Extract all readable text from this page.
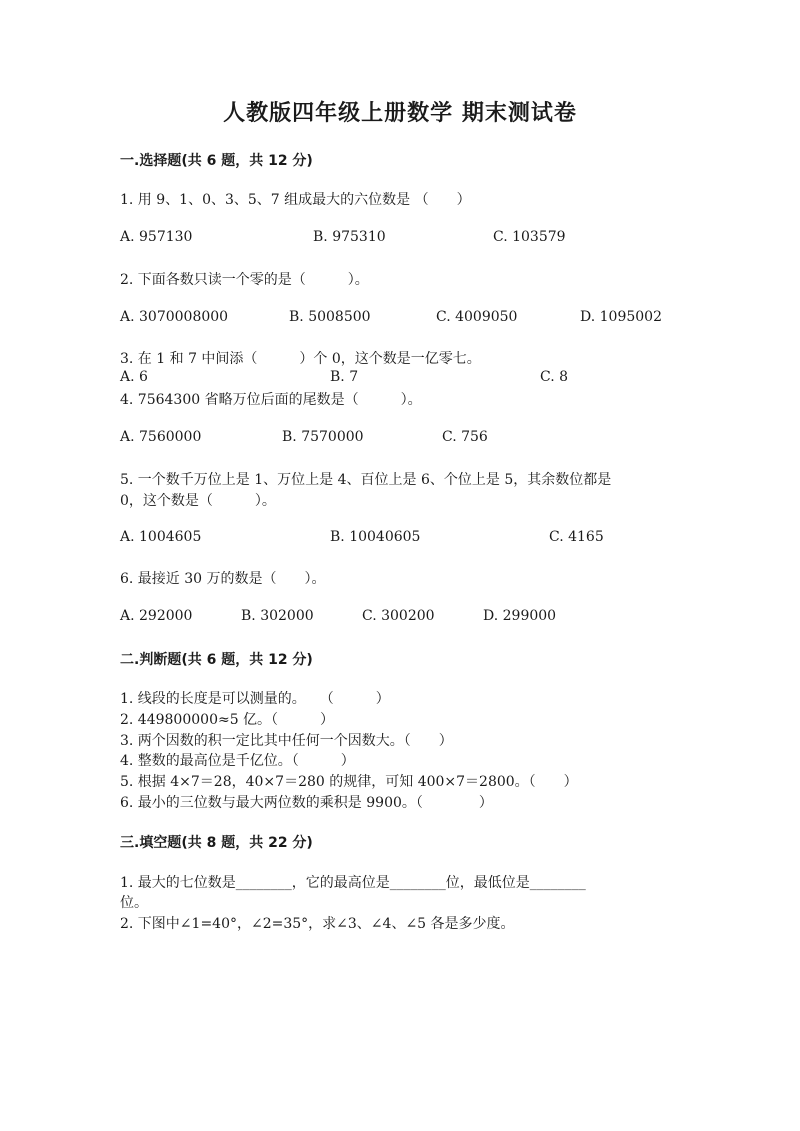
人教版四年级上册数学 期末测试卷
一.选择题(共 6 题，共 12 分)
1. 用 9、1、0、3、5、7 组成最大的六位数是 （　　）
A. 957130	B. 975310	C. 103579
2. 下面各数只读一个零的是（　　　）。
A. 3070008000	B. 5008500	C. 4009050	D. 1095002
3. 在 1 和 7 中间添（　　　）个 0，这个数是一亿零七。
A. 6	B. 7	C. 8
4. 7564300 省略万位后面的尾数是（　　　）。
A. 7560000	B. 7570000	C. 756
5. 一个数千万位上是 1、万位上是 4、百位上是 6、个位上是 5，其余数位都是
0，这个数是（　　　）。
A. 1004605	B. 10040605	C. 4165
6. 最接近 30 万的数是（　　）。
A. 292000	B. 302000	C. 300200	D. 299000
二.判断题(共 6 题，共 12 分)
1. 线段的长度是可以测量的。　　（　　　）
2. 449800000≈5 亿。（　　　）
3. 两个因数的积一定比其中任何一个因数大。（　　）
4. 整数的最高位是千亿位。（　　　）
5. 根据 4×7＝28，40×7＝280 的规律，可知 400×7＝2800。（　　）
6. 最小的三位数与最大两位数的乘积是 9900。（　　　　）
三.填空题(共 8 题，共 22 分)
1. 最大的七位数是________，它的最高位是________位，最低位是________
位。
2. 下图中∠1=40°，∠2=35°，求∠3、∠4、∠5 各是多少度。
